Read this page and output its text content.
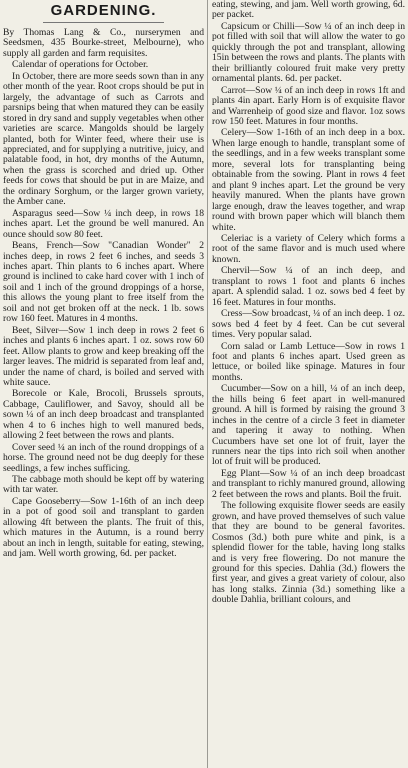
GARDENING.

By Thomas Lang & Co., nurserymen and Seedsmen, 435 Bourke-street, Melbourne), who supply all garden and farm requisites.

Calendar of operations for October.

In October, there are more seeds sown than in any other month of the year. Root crops should be put in largely, the advantage of such as Carrots and parsnips being that when matured they can be easily stored in dry sand and supply vegetables when other varieties are scarce. Mangolds should be largely planted, both for Winter feed, where their use is appreciated, and for supplying a nutritive, juicy, and palatable food, in hot, dry months of the Autumn, when the grass is scorched and dried up. Other feeds for cows that should be put in are Maize, and the ordinary Sorghum, or the larger grown variety, the Amber cane.

Asparagus seed—Sow ¼ inch deep, in rows 18 inches apart. Let the ground be well manured. An ounce should sow 80 feet.

Beans, French—Sow "Canadian Wonder" 2 inches deep, in rows 2 feet 6 inches, and seeds 3 inches apart. Thin plants to 6 inches apart. Where ground is inclined to cake hard cover with 1 inch of soil and 1 inch of the ground droppings of a horse, this allows the young plant to free itself from the soil and not get broken off at the neck. 1 lb. sows row 160 feet. Matures in 4 months.

Beet, Silver—Sow 1 inch deep in rows 2 feet 6 inches and plants 6 inches apart. 1 oz. sows row 60 feet. Allow plants to grow and keep breaking off the larger leaves. The midrid is separated from leaf and, under the name of chard, is boiled and served with white sauce.

Borecole or Kale, Brocoli, Brussels sprouts, Cabbage, Cauliflower, and Savoy, should all be sown ¼ of an inch deep broadcast and transplanted when 4 to 6 inches high to well manured beds, allowing 2 feet between the rows and plants.

Cover seed ¼ an inch of the round droppings of a horse. The ground need not be dug deeply for these seedlings, a few inches sufficing.

The cabbage moth should be kept off by watering with tar water.

Cape Gooseberry—Sow 1-16th of an inch deep in a pot of good soil and transplant to garden allowing 4ft between the plants. The fruit of this, which matures in the Autumn, is a round berry about an inch in length, suitable for eating, stewing, and jam. Well worth growing, 6d. per packet.

eating, stewing, and jam. Well worth growing, 6d. per packet.

Capsicum or Chilli—Sow ¼ of an inch deep in pot filled with soil that will allow the water to go quickly through the pot and transplant, allowing 15in between the rows and plants. The plants with their brilliantly coloured fruit make very pretty ornamental plants. 6d. per packet.

Carrot—Sow ¼ of an inch deep in rows 1ft and plants 4in apart. Early Horn is of exquisite flavor and Warrenheip of good size and flavor. 1oz sows row 150 feet. Matures in four months.

Celery—Sow 1-16th of an inch deep in a box. When large enough to handle, transplant some of the seedlings, and in a few weeks transplant some more, several lots for transplanting being obtainable from the sowing. Plant in rows 4 feet and plant 9 inches apart. Let the ground be very heavily manured. When the plants have grown large enough, draw the leaves together, and wrap round with brown paper which will blanch them white.

Celeriac is a variety of Celery which forms a root of the same flavor and is much used where known.

Chervil—Sow ¼ of an inch deep, and transplant to rows 1 foot and plants 6 inches apart. A splendid salad. 1 oz. sows bed 4 feet by 16 feet. Matures in four months.

Cress—Sow broadcast, ¼ of an inch deep. 1 oz. sows bed 4 feet by 4 feet. Can be cut several times. Very popular salad.

Corn salad or Lamb Lettuce—Sow in rows 1 foot and plants 6 inches apart. Used green as lettuce, or boiled like spinage. Matures in four months.

Cucumber—Sow on a hill, ¼ of an inch deep, the hills being 6 feet apart in well-manured ground. A hill is formed by raising the ground 3 inches in the centre of a circle 3 feet in diameter and tapering it away to nothing. When Cucumbers have set one lot of fruit, layer the runners near the tips into rich soil when another lot of fruit will be produced.

Egg Plant—Sow ¼ of an inch deep broadcast and transplant to richly manured ground, allowing 2 feet between the rows and plants. Boil the fruit.

The following exquisite flower seeds are easily grown, and have proved themselves of such value that they are bound to be general favorites. Cosmos (3d.) both pure white and pink, is a splendid flower for the table, having long stalks and is very free flowering. Do not manure the ground for this species. Dahlia (3d.) flowers the first year, and gives a great variety of colour, also has long stalks. Zinnia (3d.) something like a double Dahlia, brilliant colours, and
